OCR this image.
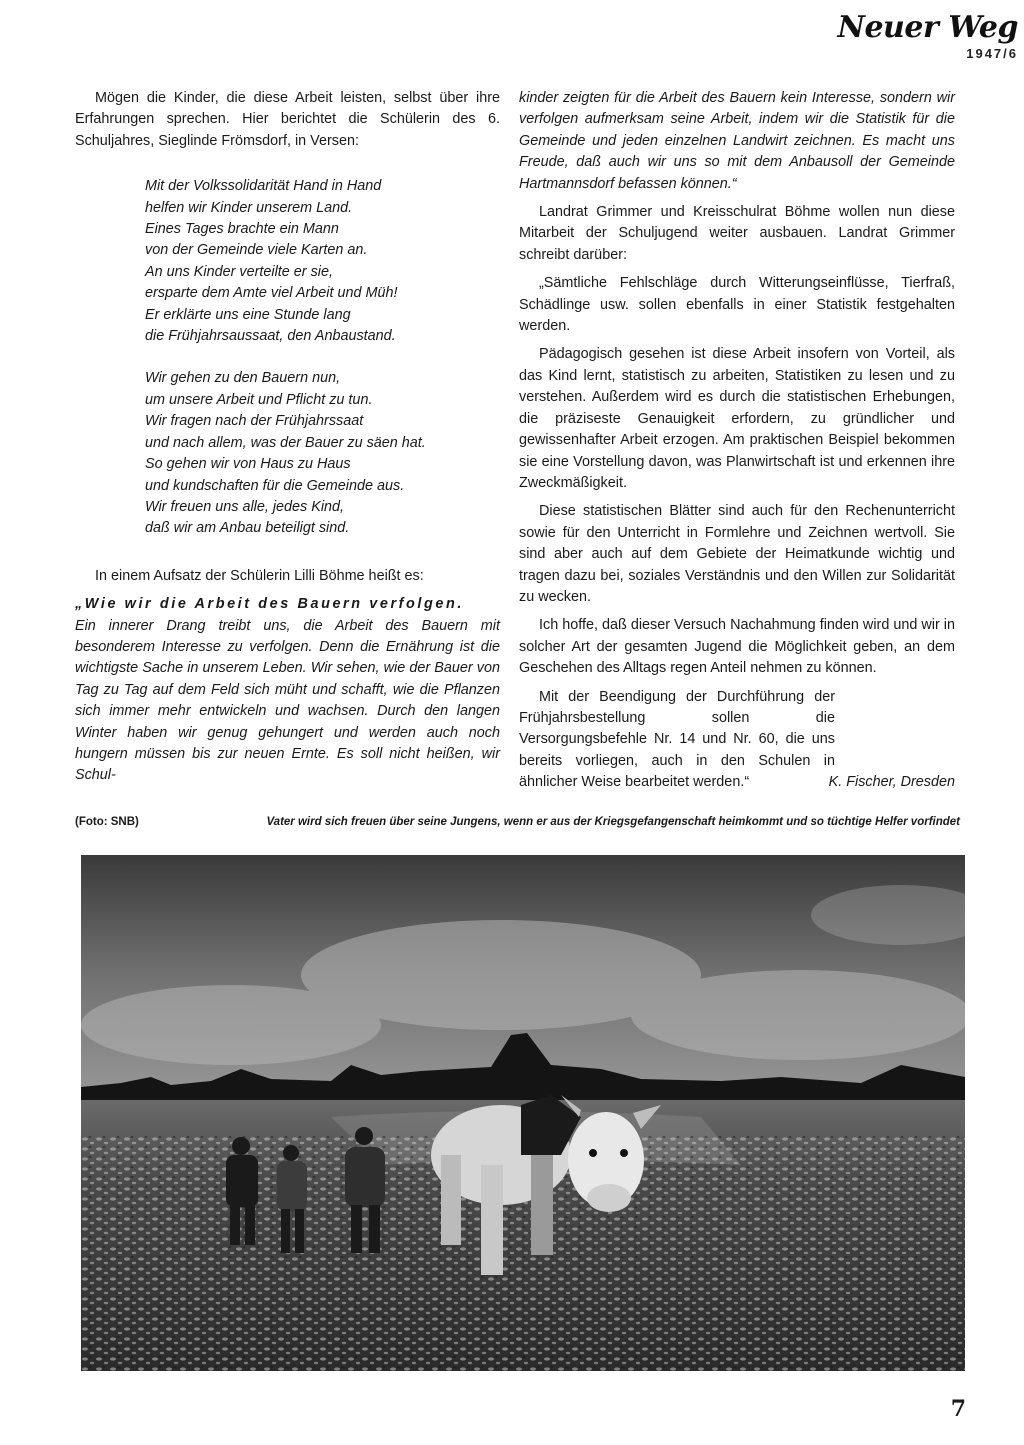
Neuer Weg
1947/6

Mögen die Kinder, die diese Arbeit leisten, selbst über ihre Erfahrungen sprechen. Hier berichtet die Schülerin des 6. Schuljahres, Sieglinde Frömsdorf, in Versen:

Mit der Volkssolidarität Hand in Hand
helfen wir Kinder unserem Land.
Eines Tages brachte ein Mann
von der Gemeinde viele Karten an.
An uns Kinder verteilte er sie,
ersparte dem Amte viel Arbeit und Müh!
Er erklärte uns eine Stunde lang
die Frühjahrsaussaat, den Anbaustand.
Wir gehen zu den Bauern nun,
um unsere Arbeit und Pflicht zu tun.
Wir fragen nach der Frühjahrssaat
und nach allem, was der Bauer zu säen hat.
So gehen wir von Haus zu Haus
und kundschaften für die Gemeinde aus.
Wir freuen uns alle, jedes Kind,
daß wir am Anbau beteiligt sind.

In einem Aufsatz der Schülerin Lilli Böhme heißt es:

„Wie wir die Arbeit des Bauern verfolgen.

Ein innerer Drang treibt uns, die Arbeit des Bauern mit besonderem Interesse zu verfolgen. Denn die Ernährung ist die wichtigste Sache in unserem Leben. Wir sehen, wie der Bauer von Tag zu Tag auf dem Feld sich müht und schafft, wie die Pflanzen sich immer mehr entwickeln und wachsen. Durch den langen Winter haben wir genug gehungert und werden auch noch hungern müssen bis zur neuen Ernte. Es soll nicht heißen, wir Schul-

kinder zeigten für die Arbeit des Bauern kein Interesse, sondern wir verfolgen aufmerksam seine Arbeit, indem wir die Statistik für die Gemeinde und jeden einzelnen Landwirt zeichnen. Es macht uns Freude, daß auch wir uns so mit dem Anbausoll der Gemeinde Hartmannsdorf befassen können.“

Landrat Grimmer und Kreisschulrat Böhme wollen nun diese Mitarbeit der Schuljugend weiter ausbauen. Landrat Grimmer schreibt darüber:

„Sämtliche Fehlschläge durch Witterungseinflüsse, Tierfraß, Schädlinge usw. sollen ebenfalls in einer Statistik festgehalten werden.

Pädagogisch gesehen ist diese Arbeit insofern von Vorteil, als das Kind lernt, statistisch zu arbeiten, Statistiken zu lesen und zu verstehen. Außerdem wird es durch die statistischen Erhebungen, die präziseste Genauigkeit erfordern, zu gründlicher und gewissenhafter Arbeit erzogen. Am praktischen Beispiel bekommen sie eine Vorstellung davon, was Planwirtschaft ist und erkennen ihre Zweckmäßigkeit.

Diese statistischen Blätter sind auch für den Rechenunterricht sowie für den Unterricht in Formlehre und Zeichnen wertvoll. Sie sind aber auch auf dem Gebiete der Heimatkunde wichtig und tragen dazu bei, soziales Verständnis und den Willen zur Solidarität zu wecken.

Ich hoffe, daß dieser Versuch Nachahmung finden wird und wir in solcher Art der gesamten Jugend die Möglichkeit geben, an dem Geschehen des Alltags regen Anteil nehmen zu können.

Mit der Beendigung der Durchführung der Frühjahrsbestellung sollen die Versorgungsbefehle Nr. 14 und Nr. 60, die uns bereits vorliegen, auch in den Schulen in ähnlicher Weise bearbeitet werden.“	K. Fischer, Dresden
(Foto: SNB)	Vater wird sich freuen über seine Jungens, wenn er aus der Kriegsgefangenschaft heimkommt und so tüchtige Helfer vorfindet
7
